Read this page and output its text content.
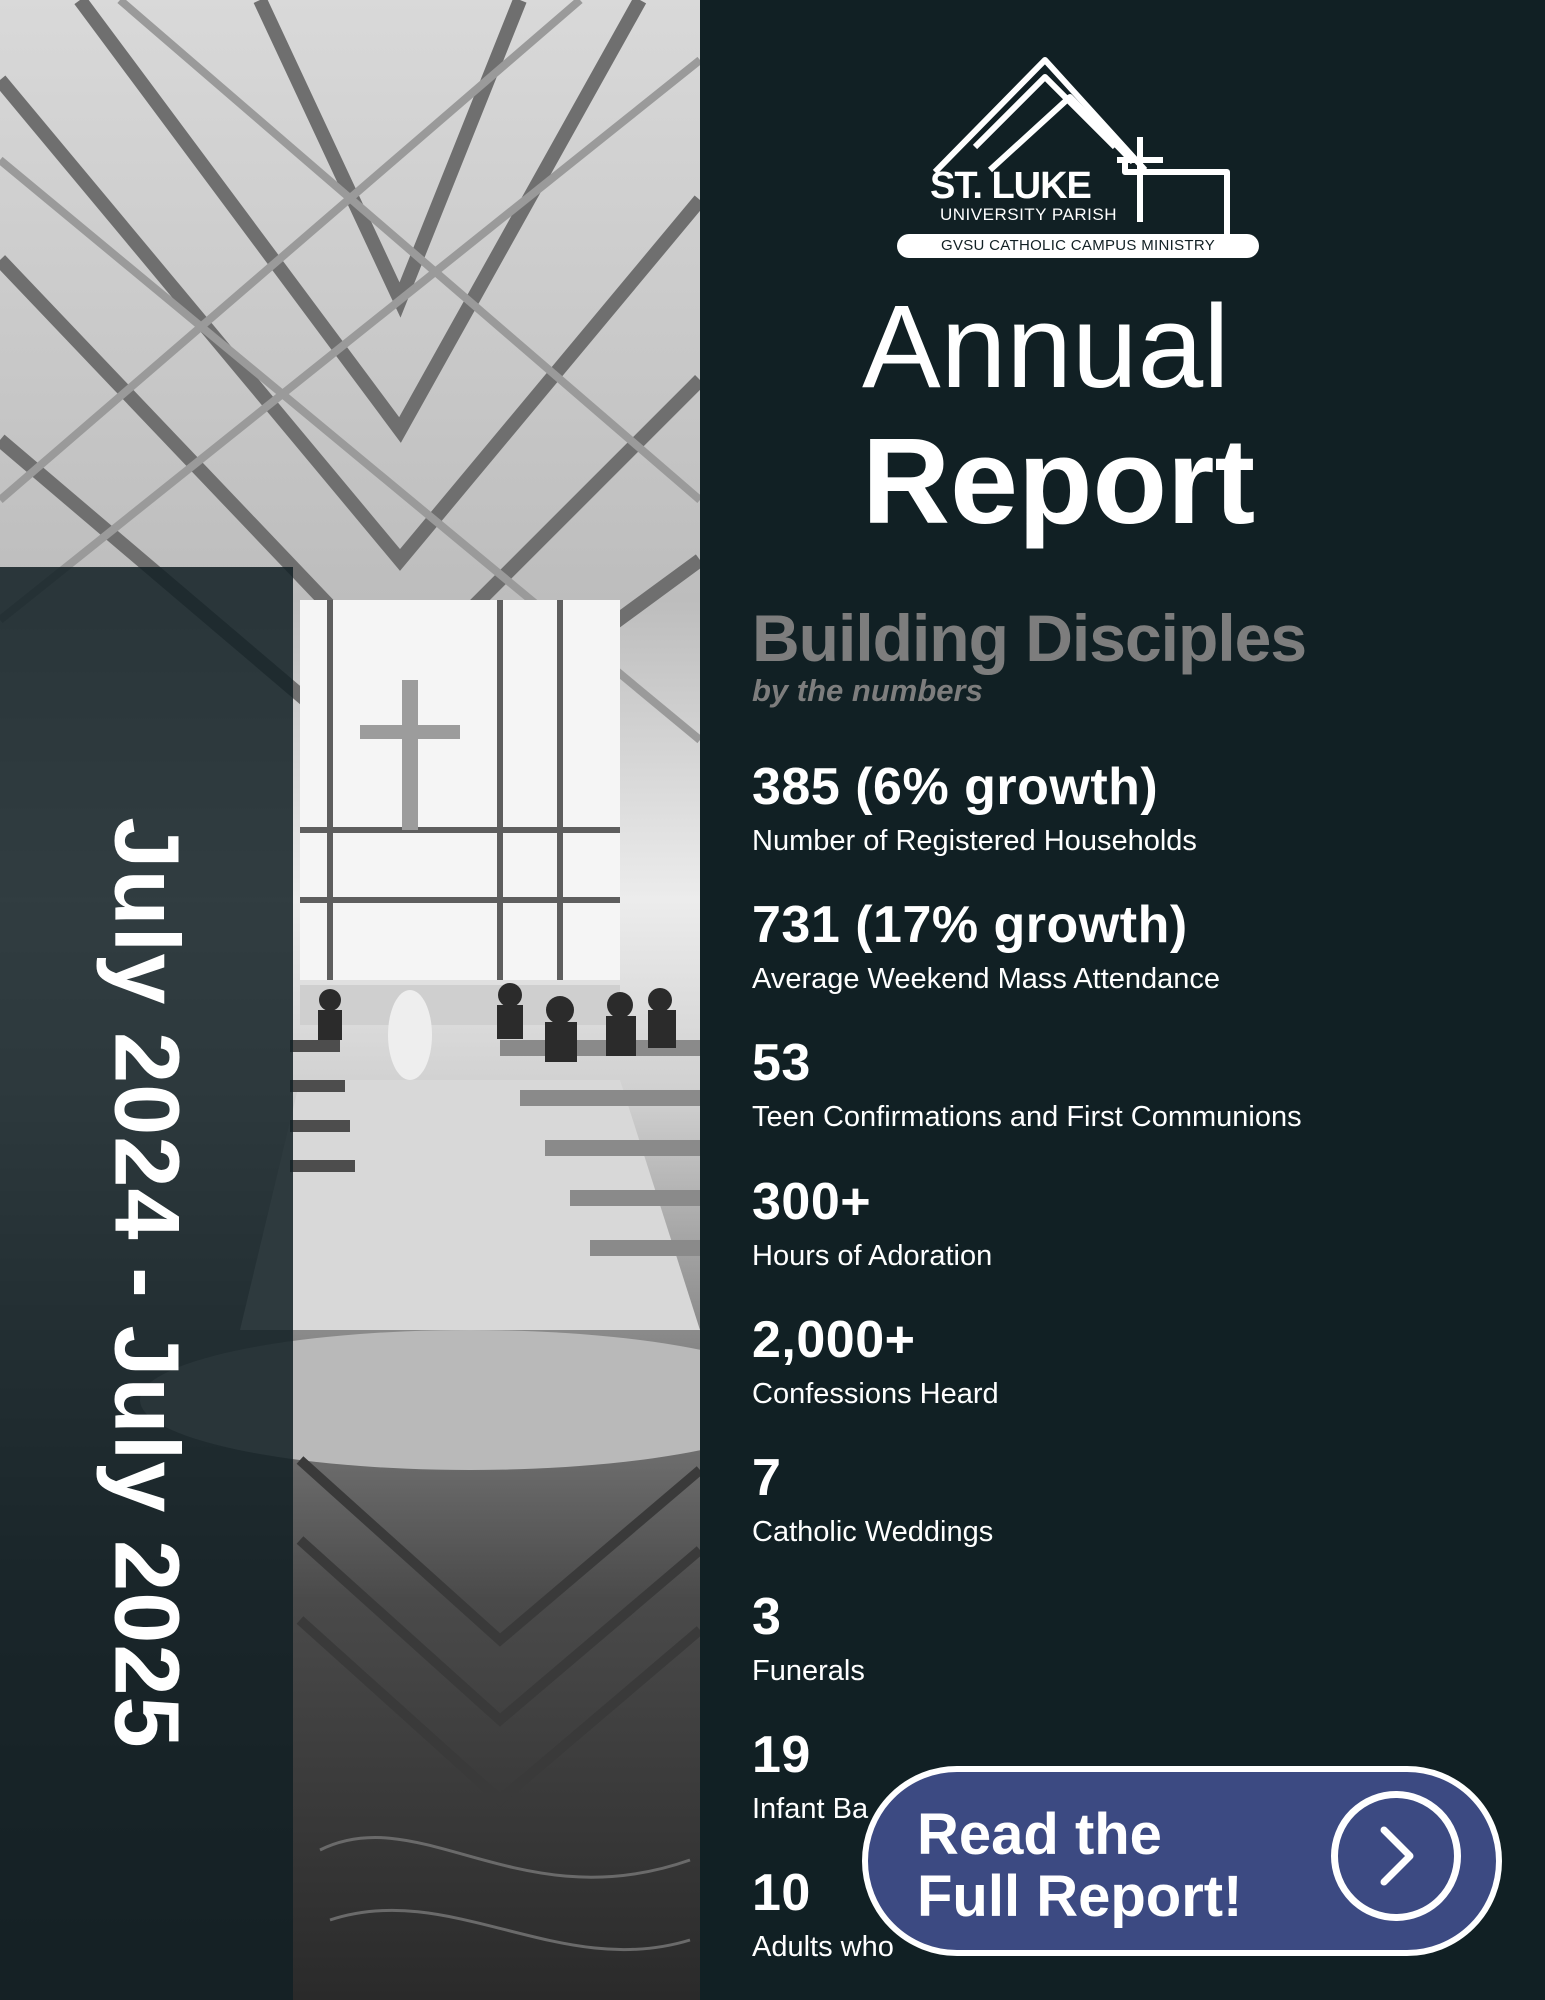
July 2024 - July 2025
ST. LUKE
UNIVERSITY PARISH
GVSU CATHOLIC CAMPUS MINISTRY
Annual
Report
Building Disciples
by the numbers
385 (6% growth)
Number of Registered Households
731 (17% growth)
Average Weekend Mass Attendance
53
Teen Confirmations and First Communions
300+
Hours of Adoration
2,000+
Confessions Heard
7
Catholic Weddings
3
Funerals
19
Infant Ba
10
Adults who
Read the
Full Report!
